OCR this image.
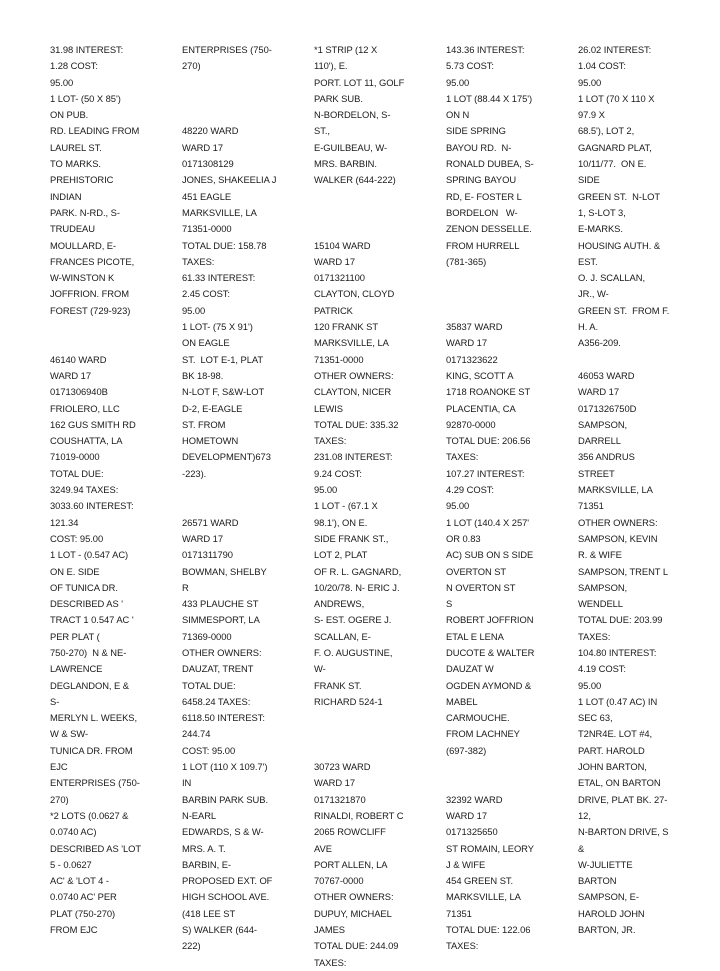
31.98 INTEREST:
1.28 COST:
95.00
1 LOT- (50 X 85')
ON PUB.
RD. LEADING FROM
LAUREL ST.
TO MARKS.
PREHISTORIC
INDIAN
PARK. N-RD., S-
TRUDEAU
MOULLARD, E-
FRANCES PICOTE,
W-WINSTON K
JOFFRION. FROM
FOREST (729-923)
46140 WARD
WARD 17
0171306940B
FRIOLERO, LLC
162 GUS SMITH RD
COUSHATTA, LA
71019-0000
TOTAL DUE:
3249.94 TAXES:
3033.60 INTEREST:
121.34
COST: 95.00
1 LOT - (0.547 AC)
ON E. SIDE
OF TUNICA DR.
DESCRIBED AS '
TRACT 1 0.547 AC '
PER PLAT (
750-270)  N & NE-
LAWRENCE
DEGLANDON, E &
S-
MERLYN L. WEEKS,
W & SW-
TUNICA DR. FROM
EJC
ENTERPRISES (750-
270)
*2 LOTS (0.0627 &
0.0740 AC)
DESCRIBED AS 'LOT
5 - 0.0627
AC' & 'LOT 4 -
0.0740 AC' PER
PLAT (750-270)
FROM EJC
ENTERPRISES (750-
270)
48220 WARD
WARD 17
0171308129
JONES, SHAKEELIA J
451 EAGLE
MARKSVILLE, LA
71351-0000
TOTAL DUE: 158.78
TAXES:
61.33 INTEREST:
2.45 COST:
95.00
1 LOT- (75 X 91')
ON EAGLE
ST.  LOT E-1, PLAT
BK 18-98.
N-LOT F, S&W-LOT
D-2, E-EAGLE
ST. FROM
HOMETOWN
DEVELOPMENT)673
-223).
26571 WARD
WARD 17
0171311790
BOWMAN, SHELBY
R
433 PLAUCHE ST
SIMMESPORT, LA
71369-0000
OTHER OWNERS:
DAUZAT, TRENT
TOTAL DUE:
6458.24 TAXES:
6118.50 INTEREST:
244.74
COST: 95.00
1 LOT (110 X 109.7')
IN
BARBIN PARK SUB.
N-EARL
EDWARDS, S & W-
MRS. A. T.
BARBIN, E-
PROPOSED EXT. OF
HIGH SCHOOL AVE.
(418 LEE ST
S) WALKER (644-
222)
*1 STRIP (12 X
110'), E.
PORT. LOT 11, GOLF
PARK SUB.
N-BORDELON, S-
ST.,
E-GUILBEAU, W-
MRS. BARBIN.
WALKER (644-222)
15104 WARD
WARD 17
0171321100
CLAYTON, CLOYD
PATRICK
120 FRANK ST
MARKSVILLE, LA
71351-0000
OTHER OWNERS:
CLAYTON, NICER
LEWIS
TOTAL DUE: 335.32
TAXES:
231.08 INTEREST:
9.24 COST:
95.00
1 LOT - (67.1 X
98.1'), ON E.
SIDE FRANK ST.,
LOT 2, PLAT
OF R. L. GAGNARD,
10/20/78. N- ERIC J.
ANDREWS,
S- EST. OGERE J.
SCALLAN, E-
F. O. AUGUSTINE,
W-
FRANK ST.
RICHARD 524-1
30723 WARD
WARD 17
0171321870
RINALDI, ROBERT C
2065 ROWCLIFF
AVE
PORT ALLEN, LA
70767-0000
OTHER OWNERS:
DUPUY, MICHAEL
JAMES
TOTAL DUE: 244.09
TAXES:
143.36 INTEREST:
5.73 COST:
95.00
1 LOT (88.44 X 175')
ON N
SIDE SPRING
BAYOU RD.  N-
RONALD DUBEA, S-
SPRING BAYOU
RD, E- FOSTER L
BORDELON   W-
ZENON DESSELLE.
FROM HURRELL
(781-365)
35837 WARD
WARD 17
0171323622
KING, SCOTT A
1718 ROANOKE ST
PLACENTIA, CA
92870-0000
TOTAL DUE: 206.56
TAXES:
107.27 INTEREST:
4.29 COST:
95.00
1 LOT (140.4 X 257'
OR 0.83
AC) SUB ON S SIDE
OVERTON ST
N OVERTON ST
S
ROBERT JOFFRION
ETAL E LENA
DUCOTE & WALTER
DAUZAT W
OGDEN AYMOND &
MABEL
CARMOUCHE.
FROM LACHNEY
(697-382)
32392 WARD
WARD 17
0171325650
ST ROMAIN, LEORY
J & WIFE
454 GREEN ST.
MARKSVILLE, LA
71351
TOTAL DUE: 122.06
TAXES:
26.02 INTEREST:
1.04 COST:
95.00
1 LOT (70 X 110 X
97.9 X
68.5'), LOT 2,
GAGNARD PLAT,
10/11/77.  ON E.
SIDE
GREEN ST.  N-LOT
1, S-LOT 3,
E-MARKS.
HOUSING AUTH. &
EST.
O. J. SCALLAN,
JR., W-
GREEN ST.  FROM F.
H. A.
A356-209.
46053 WARD
WARD 17
0171326750D
SAMPSON,
DARRELL
356 ANDRUS
STREET
MARKSVILLE, LA
71351
OTHER OWNERS:
SAMPSON, KEVIN
R. & WIFE
SAMPSON, TRENT L
SAMPSON,
WENDELL
TOTAL DUE: 203.99
TAXES:
104.80 INTEREST:
4.19 COST:
95.00
1 LOT (0.47 AC) IN
SEC 63,
T2NR4E. LOT #4,
PART. HAROLD
JOHN BARTON,
ETAL, ON BARTON
DRIVE, PLAT BK. 27-
12,
N-BARTON DRIVE, S
&
W-JULIETTE
BARTON
SAMPSON, E-
HAROLD JOHN
BARTON, JR.
